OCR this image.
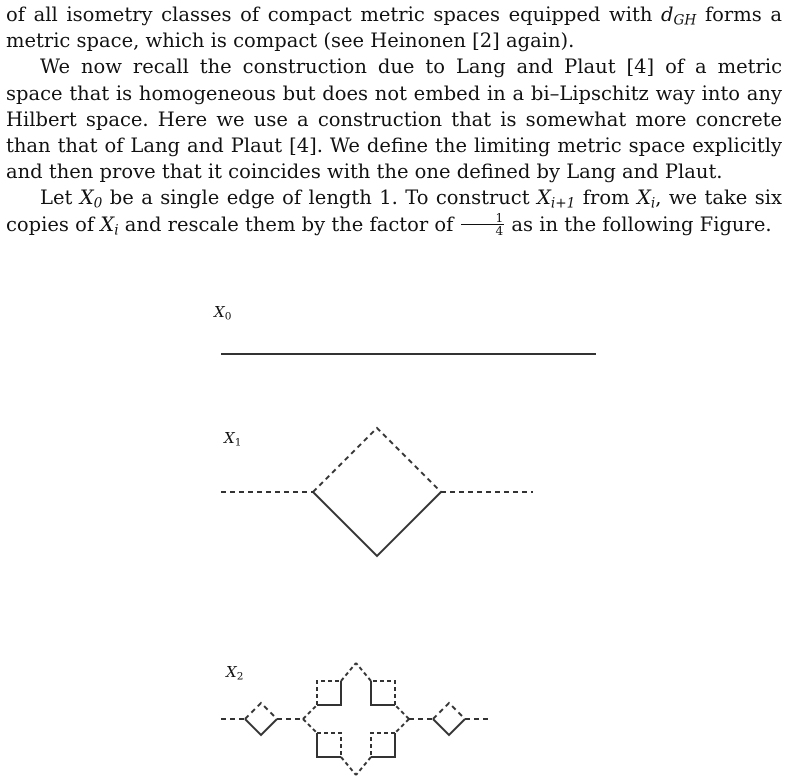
of all isometry classes of compact metric spaces equipped with $d_{GH}$ forms a metric space, which is compact (see Heinonen [2] again).

We now recall the construction due to Lang and Plaut [4] of a metric space that is homogeneous but does not embed in a bi–Lipschitz way into any Hilbert space. Here we use a construction that is somewhat more concrete than that of Lang and Plaut [4]. We define the limiting metric space explicitly and then prove that it coincides with the one defined by Lang and Plaut.

Let $X_0$ be a single edge of length 1. To construct $X_{i+1}$ from $X_i$, we take six copies of $X_i$ and rescale them by the factor of $\frac{1}{4}$ as in the following Figure.

$X_0$
$X_1$
$X_2$
